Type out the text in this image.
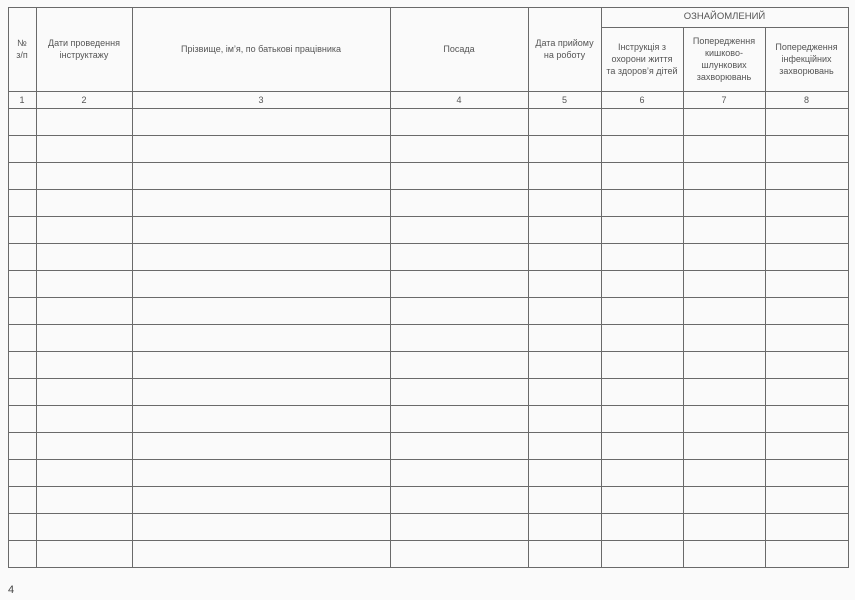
ОЗНАЙОМЛЕНИЙ
№ з/п
1
Дати проведення інструктажу
2
Прізвище, ім’я, по батькові працівника
3
Посада
4
Дата прийому на роботу
5
Інструкція з охорони життя та здоров’я дітей
6
Попередження кишково-шлункових захворювань
7
Попередження інфекційних захворювань
8
4
